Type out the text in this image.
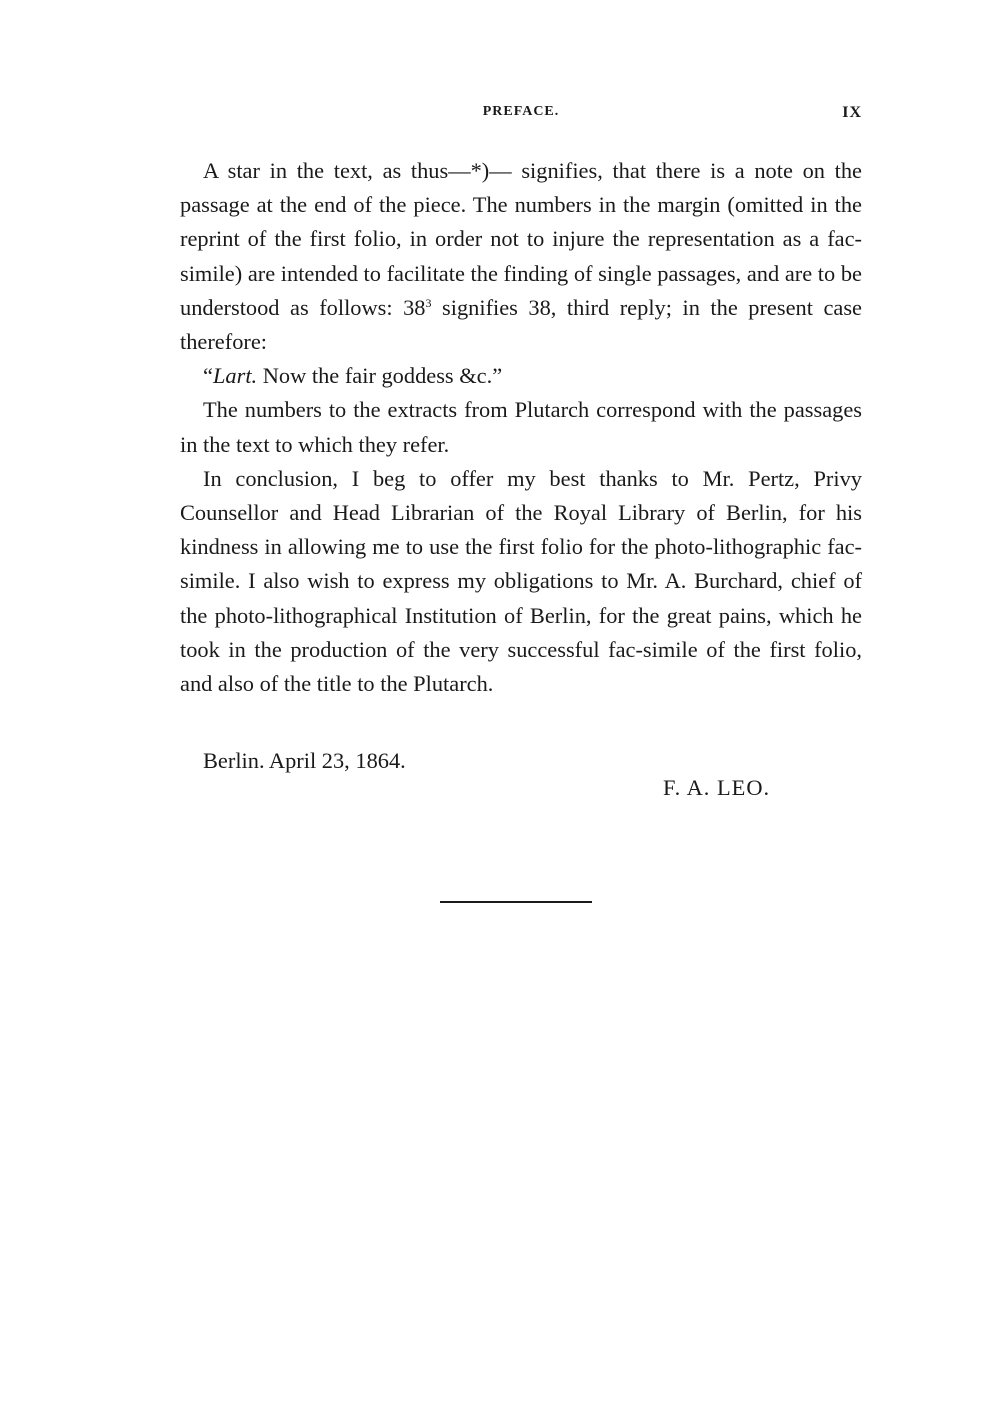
PREFACE.	IX

A star in the text, as thus—*)— signifies, that there is a note on the passage at the end of the piece. The numbers in the margin (omitted in the reprint of the first folio, in order not to injure the representation as a fac-simile) are intended to facilitate the finding of single passages, and are to be understood as follows: $38^3$ signifies 38, third reply; in the present case therefore:

“Lart. Now the fair goddess &c.”

The numbers to the extracts from Plutarch correspond with the passages in the text to which they refer.

In conclusion, I beg to offer my best thanks to Mr. Pertz, Privy Counsellor and Head Librarian of the Royal Library of Berlin, for his kindness in allowing me to use the first folio for the photo-lithographic fac-simile. I also wish to express my obligations to Mr. A. Burchard, chief of the photo-lithographical Institution of Berlin, for the great pains, which he took in the production of the very successful fac-simile of the first folio, and also of the title to the Plutarch.

Berlin. April 23, 1864.
F. A. LEO.
